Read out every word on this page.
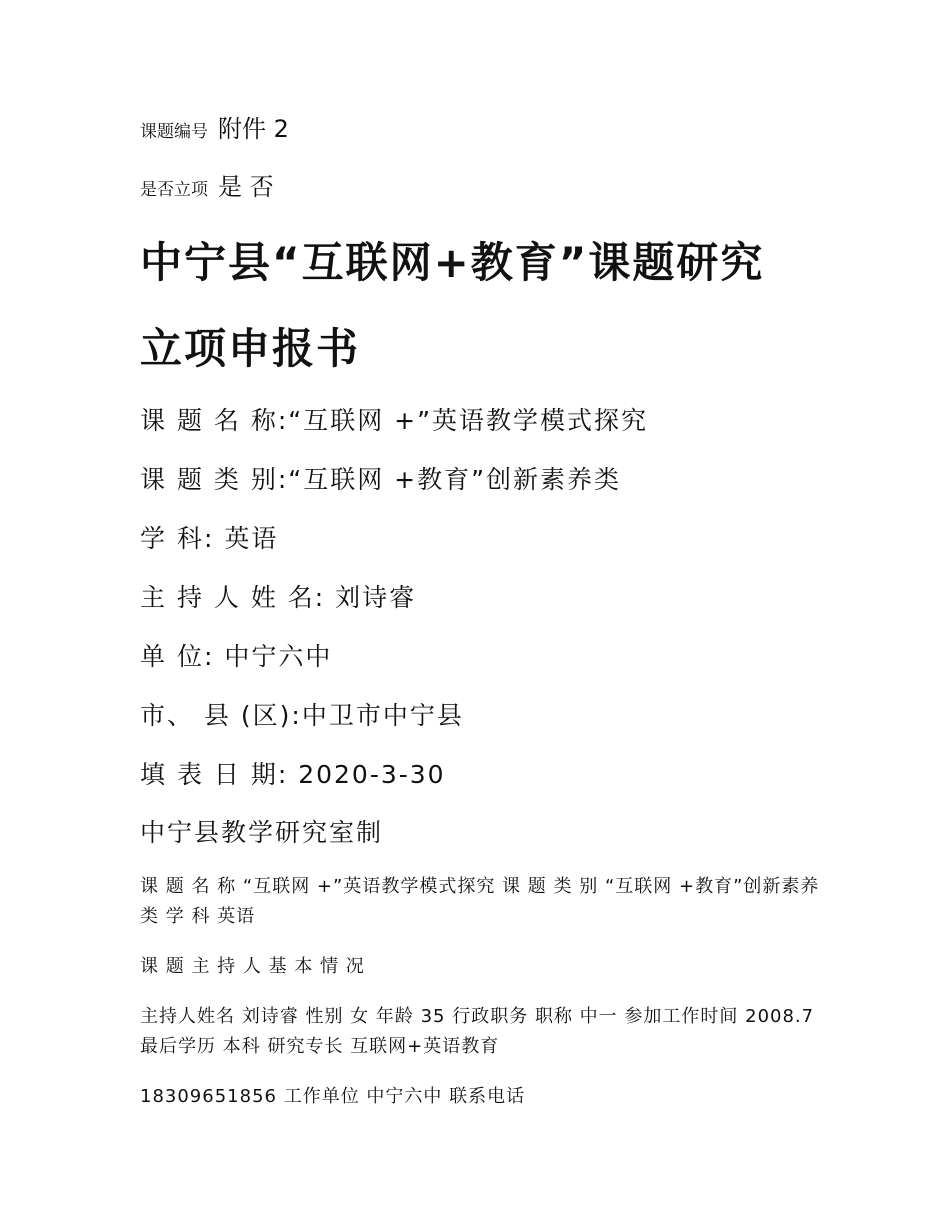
课题编号 附件 2
是否立项 是 否
中宁县“互联网+教育”课题研究
立项申报书
课 题 名 称:“互联网 +”英语教学模式探究
课 题 类 别:“互联网 +教育”创新素养类
学 科: 英语
主 持 人 姓 名: 刘诗睿
单 位: 中宁六中
市、 县 (区):中卫市中宁县
填 表 日 期: 2020-3-30
中宁县教学研究室制
课 题 名 称 “互联网 +”英语教学模式探究 课 题 类 别 “互联网 +教育”创新素养类 学 科 英语
课 题 主 持 人 基 本 情 况
主持人姓名 刘诗睿 性别 女 年龄 35 行政职务 职称 中一 参加工作时间 2008.7 最后学历 本科 研究专长 互联网+英语教育
18309651856 工作单位 中宁六中 联系电话
